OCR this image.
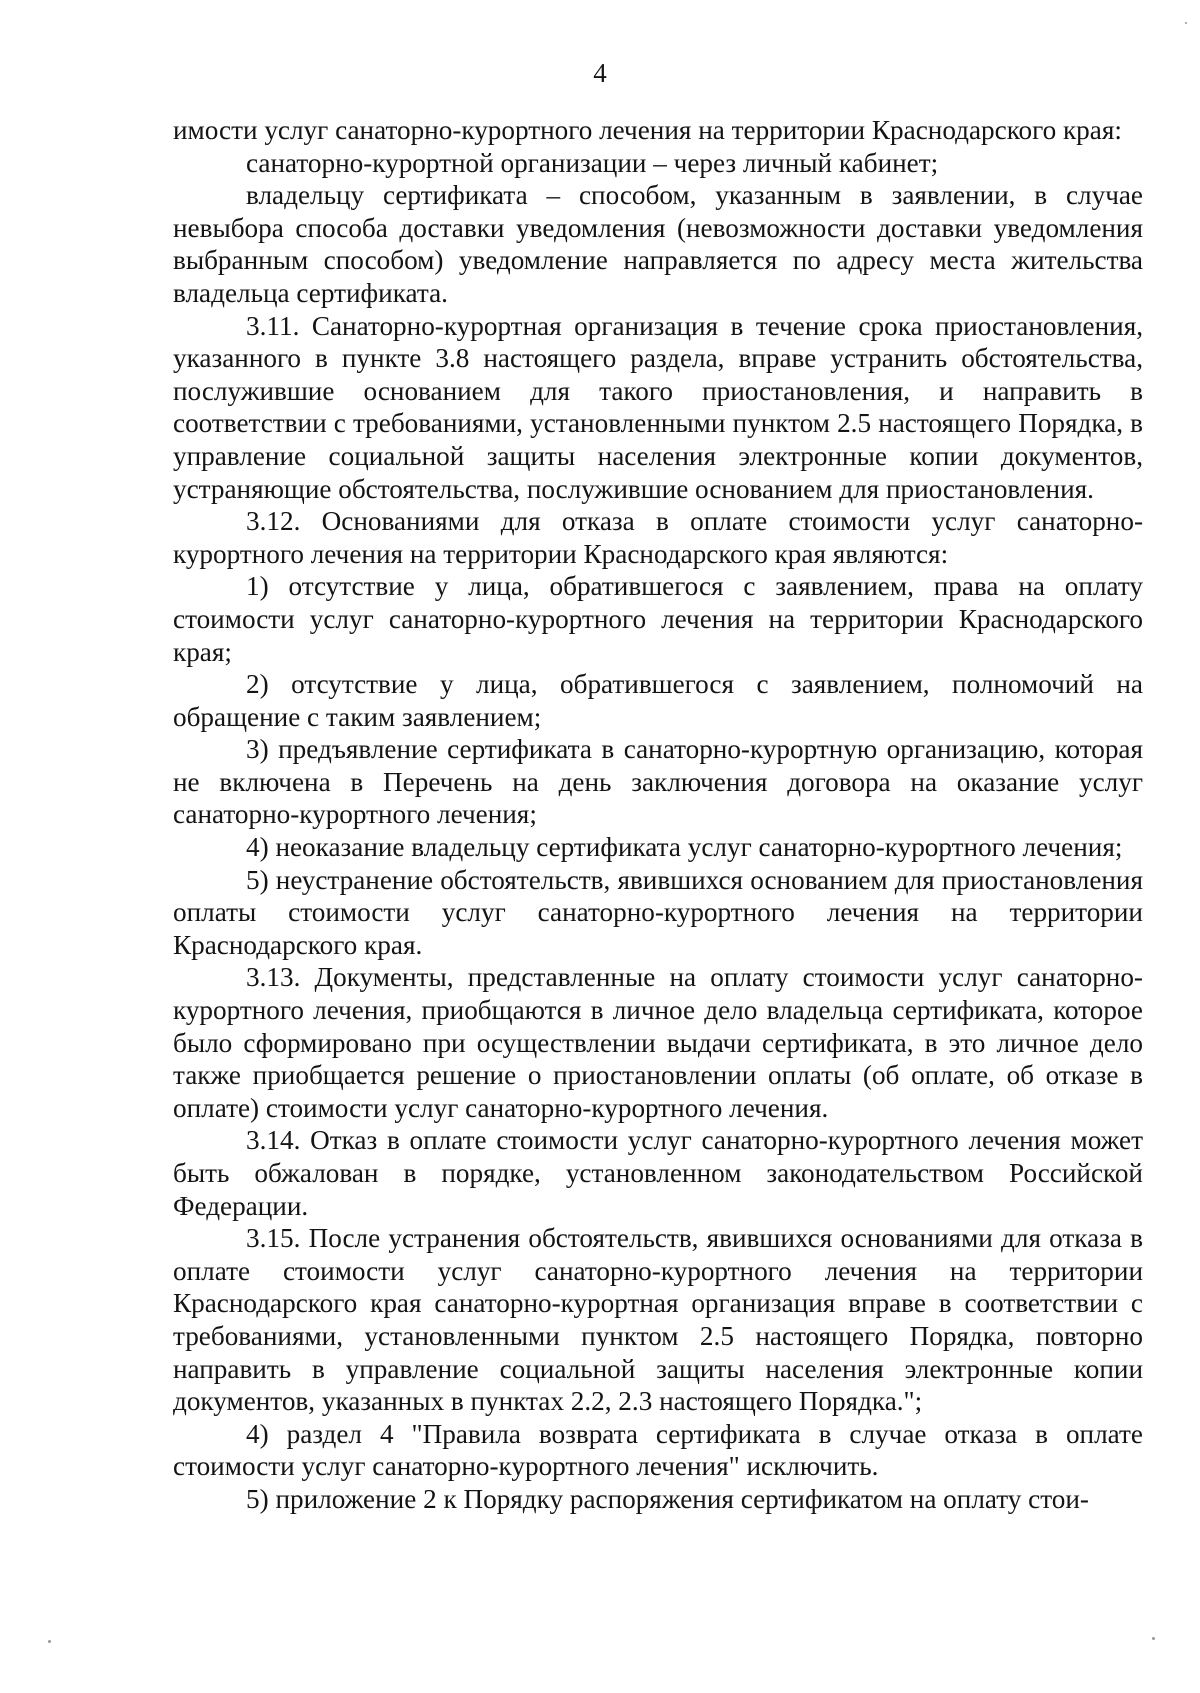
4

имости услуг санаторно-курортного лечения на территории Краснодарского края:

санаторно-курортной организации – через личный кабинет;

владельцу сертификата – способом, указанным в заявлении, в случае невыбора способа доставки уведомления (невозможности доставки уведомления выбранным способом) уведомление направляется по адресу места жительства владельца сертификата.

3.11. Санаторно-курортная организация в течение срока приостановления, указанного в пункте 3.8 настоящего раздела, вправе устранить обстоятельства, послужившие основанием для такого приостановления, и направить в соответствии с требованиями, установленными пунктом 2.5 настоящего Порядка, в управление социальной защиты населения электронные копии документов, устраняющие обстоятельства, послужившие основанием для приостановления.

3.12. Основаниями для отказа в оплате стоимости услуг санаторно-курортного лечения на территории Краснодарского края являются:

1) отсутствие у лица, обратившегося с заявлением, права на оплату стоимости услуг санаторно-курортного лечения на территории Краснодарского края;

2) отсутствие у лица, обратившегося с заявлением, полномочий на обращение с таким заявлением;

3) предъявление сертификата в санаторно-курортную организацию, которая не включена в Перечень на день заключения договора на оказание услуг санаторно-курортного лечения;

4) неоказание владельцу сертификата услуг санаторно-курортного лечения;

5) неустранение обстоятельств, явившихся основанием для приостановления оплаты стоимости услуг санаторно-курортного лечения на территории Краснодарского края.

3.13. Документы, представленные на оплату стоимости услуг санаторно-курортного лечения, приобщаются в личное дело владельца сертификата, которое было сформировано при осуществлении выдачи сертификата, в это личное дело также приобщается решение о приостановлении оплаты (об оплате, об отказе в оплате) стоимости услуг санаторно-курортного лечения.

3.14. Отказ в оплате стоимости услуг санаторно-курортного лечения может быть обжалован в порядке, установленном законодательством Российской Федерации.

3.15. После устранения обстоятельств, явившихся основаниями для отказа в оплате стоимости услуг санаторно-курортного лечения на территории Краснодарского края санаторно-курортная организация вправе в соответствии с требованиями, установленными пунктом 2.5 настоящего Порядка, повторно направить в управление социальной защиты населения электронные копии документов, указанных в пунктах 2.2, 2.3 настоящего Порядка.";

4) раздел 4 "Правила возврата сертификата в случае отказа в оплате стоимости услуг санаторно-курортного лечения" исключить.

5) приложение 2 к Порядку распоряжения сертификатом на оплату стои-
